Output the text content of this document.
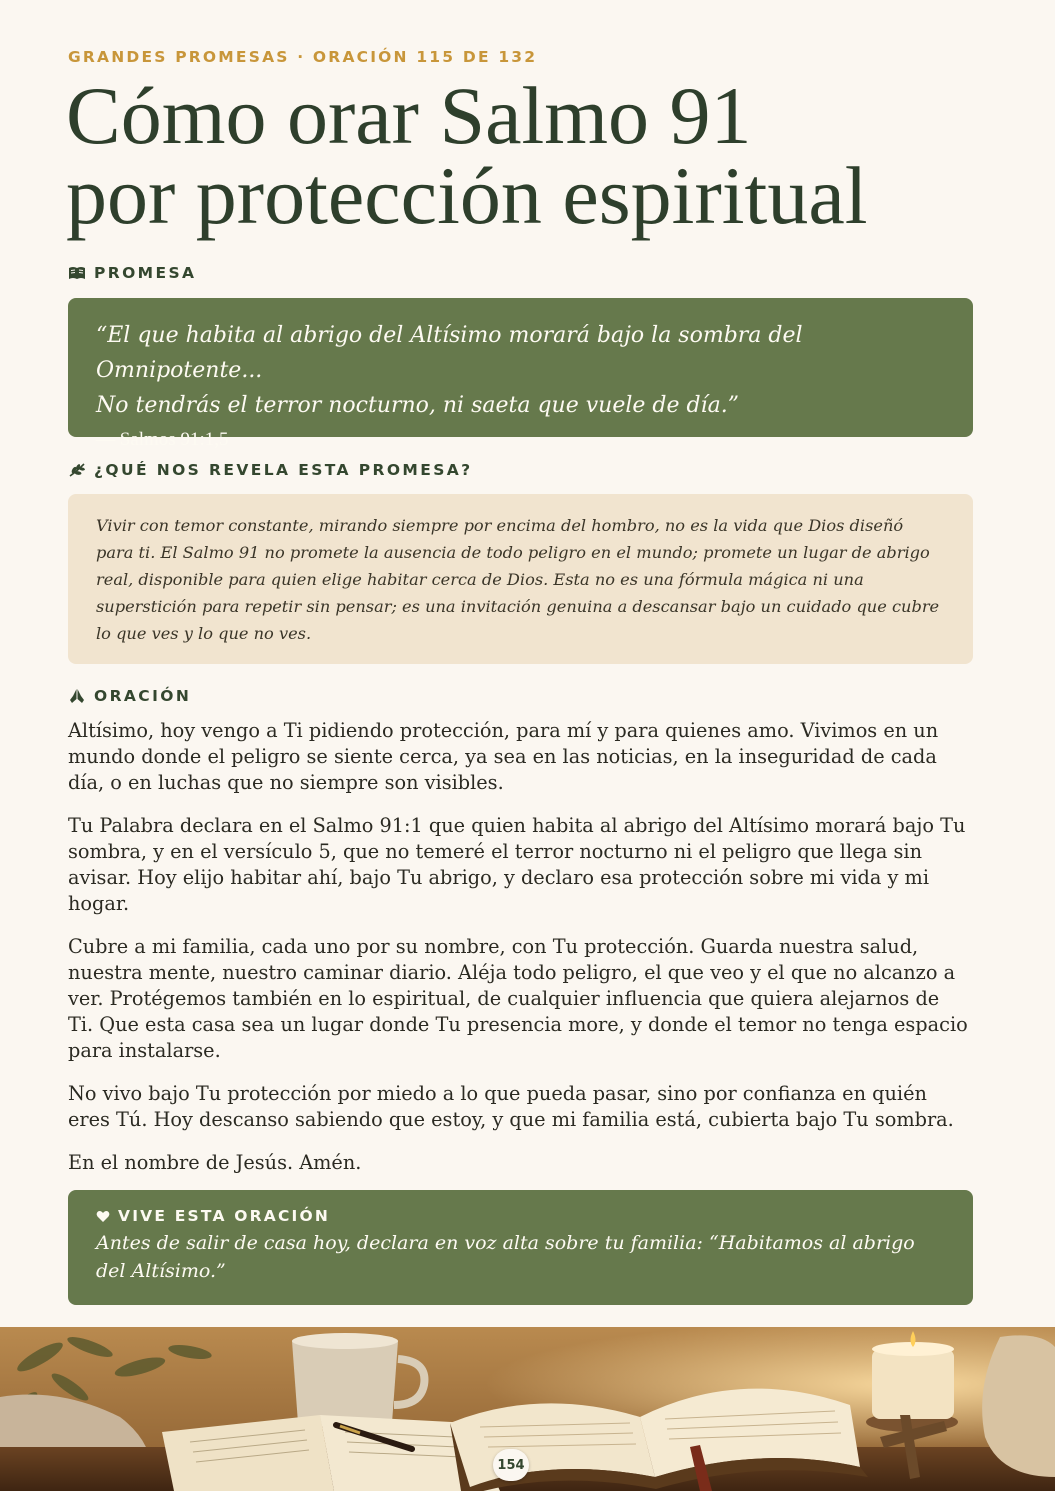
GRANDES PROMESAS · ORACIÓN 115 DE 132
Cómo orar Salmo 91
por protección espiritual
PROMESA

“El que habita al abrigo del Altísimo morará bajo la sombra del Omnipotente...
No tendrás el terror nocturno, ni saeta que vuele de día.”

— Salmos 91:1,5
¿QUÉ NOS REVELA ESTA PROMESA?

Vivir con temor constante, mirando siempre por encima del hombro, no es la vida que Dios diseñó para ti. El Salmo 91 no promete la ausencia de todo peligro en el mundo; promete un lugar de abrigo real, disponible para quien elige habitar cerca de Dios. Esta no es una fórmula mágica ni una superstición para repetir sin pensar; es una invitación genuina a descansar bajo un cuidado que cubre lo que ves y lo que no ves.

ORACIÓN

Altísimo, hoy vengo a Ti pidiendo protección, para mí y para quienes amo. Vivimos en un mundo donde el peligro se siente cerca, ya sea en las noticias, en la inseguridad de cada día, o en luchas que no siempre son visibles.

Tu Palabra declara en el Salmo 91:1 que quien habita al abrigo del Altísimo morará bajo Tu sombra, y en el versículo 5, que no temeré el terror nocturno ni el peligro que llega sin avisar. Hoy elijo habitar ahí, bajo Tu abrigo, y declaro esa protección sobre mi vida y mi hogar.

Cubre a mi familia, cada uno por su nombre, con Tu protección. Guarda nuestra salud, nuestra mente, nuestro caminar diario. Aléja todo peligro, el que veo y el que no alcanzo a ver. Protégemos también en lo espiritual, de cualquier influencia que quiera alejarnos de Ti. Que esta casa sea un lugar donde Tu presencia more, y donde el temor no tenga espacio para instalarse.

No vivo bajo Tu protección por miedo a lo que pueda pasar, sino por confianza en quién eres Tú. Hoy descanso sabiendo que estoy, y que mi familia está, cubierta bajo Tu sombra.

En el nombre de Jesús. Amén.

VIVE ESTA ORACIÓN

Antes de salir de casa hoy, declara en voz alta sobre tu familia: “Habitamos al abrigo del Altísimo.”

154
